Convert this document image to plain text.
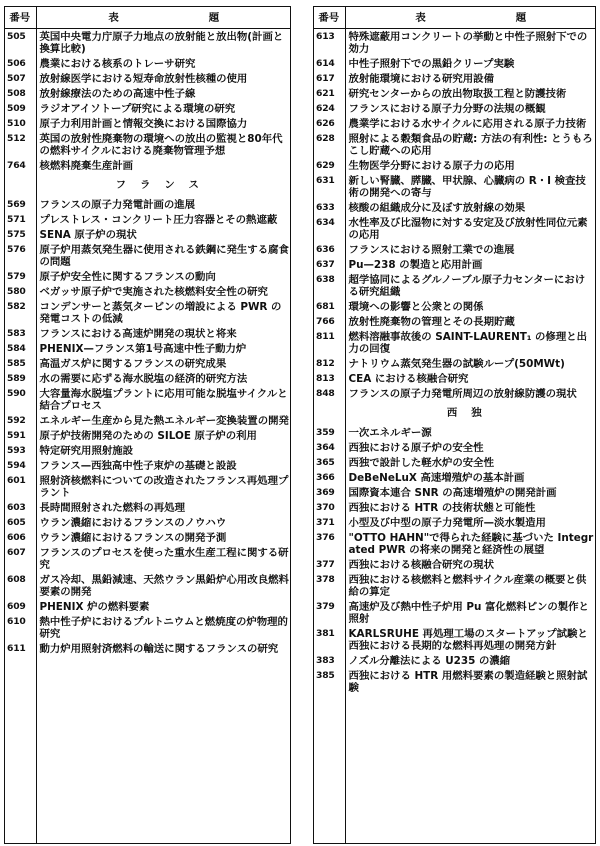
番号	表 題
505	英国中央電力庁原子力地点の放射能と放出物(計画と換算比較)
506	農業における核系のトレーサ研究
507	放射線医学における短寿命放射性核種の使用
508	放射線療法のための高速中性子線
509	ラジオアイソトープ研究による環境の研究
510	原子力利用計画と情報交換における国際協力
512	英国の放射性廃棄物の環境への放出の監視と80年代の燃料サイクルにおける廃棄物管理予想
764	核燃料廃棄生産計画
	フランス
569	フランスの原子力発電計画の進展
571	プレストレス・コンクリート圧力容器とその熱遮蔽
575	SENA 原子炉の現状
576	原子炉用蒸気発生器に使用される鉄鋼に発生する腐食の問題
579	原子炉安全性に関するフランスの動向
580	ベガッサ原子炉で実施された核燃料安全性の研究
582	コンデンサーと蒸気タービンの増設による PWR の発電コストの低減
583	フランスにおける高速炉開発の現状と将来
584	PHENIX—フランス第1号高速中性子動力炉
585	高温ガス炉に関するフランスの研究成果
589	水の需要に応ずる海水脱塩の経済的研究方法
590	大容量海水脱塩プラントに応用可能な脱塩サイクルと結合プロセス
592	エネルギー生産から見た熱エネルギー変換装置の開発
591	原子炉技術開発のための SILOE 原子炉の利用
593	特定研究用照射施設
594	フランス—西独高中性子束炉の基礎と設設
601	照射済核燃料についての改造されたフランス再処理プラント
603	長時間照射された燃料の再処理
605	ウラン濃縮におけるフランスのノウハウ
606	ウラン濃縮におけるフランスの開発予測
607	フランスのプロセスを使った重水生産工程に関する研究
608	ガス冷却、黒鉛減速、天然ウラン黒鉛炉心用改良燃料要素の開発
609	PHENIX 炉の燃料要素
610	熱中性子炉におけるプルトニウムと燃焼度の炉物理的研究
611	動力炉用照射済燃料の輸送に関するフランスの研究
番号	表 題
613	特殊遮蔽用コンクリートの挙動と中性子照射下での効力
614	中性子照射下での黒鉛クリープ実験
617	放射能環境における研究用設備
621	研究センターからの放出物取扱工程と防護技術
624	フランスにおける原子力分野の法規の概観
626	農業学における水サイクルに応用される原子力技術
628	照射による穀類食品の貯蔵: 方法の有利性: とうもろこし貯蔵への応用
629	生物医学分野における原子力の応用
631	新しい腎臓、膵臓、甲状腺、心臓病の R・I 検査技術の開発への寄与
633	核酸の組織成分に及ぼす放射線の効果
634	水性率及び比湿物に対する安定及び放射性同位元素の応用
636	フランスにおける照射工業での進展
637	Pu—238 の製造と応用計画
638	超学協同によるグルノーブル原子力センターにおける研究組織
681	環境への影響と公衆との関係
766	放射性廃棄物の管理とその長期貯蔵
811	燃料溶融事故後の SAINT-LAURENT₁ の修理と出力の回復
812	ナトリウム蒸気発生器の試験ループ(50MWt)
813	CEA における核融合研究
848	フランスの原子力発電所周辺の放射線防護の現状
	西独
359	一次エネルギー源
364	西独における原子炉の安全性
365	西独で設計した軽水炉の安全性
366	DeBeNeLuX 高速増殖炉の基本計画
369	国際資本連合 SNR の高速増殖炉の開発計画
370	西独における HTR の技術状態と可能性
371	小型及び中型の原子力発電所—淡水製造用
376	"OTTO HAHN"で得られた経験に基づいた Integrated PWR の将来の開発と経済性の展望
377	西独における核融合研究の現状
378	西独における核燃料と燃料サイクル産業の概要と供給の算定
379	高速炉及び熱中性子炉用 Pu 富化燃料ピンの製作と照射
381	KARLSRUHE 再処理工場のスタートアップ試験と西独における長期的な燃料再処理の開発方針
383	ノズル分離法による U235 の濃縮
385	西独における HTR 用燃料要素の製造経験と照射試験
